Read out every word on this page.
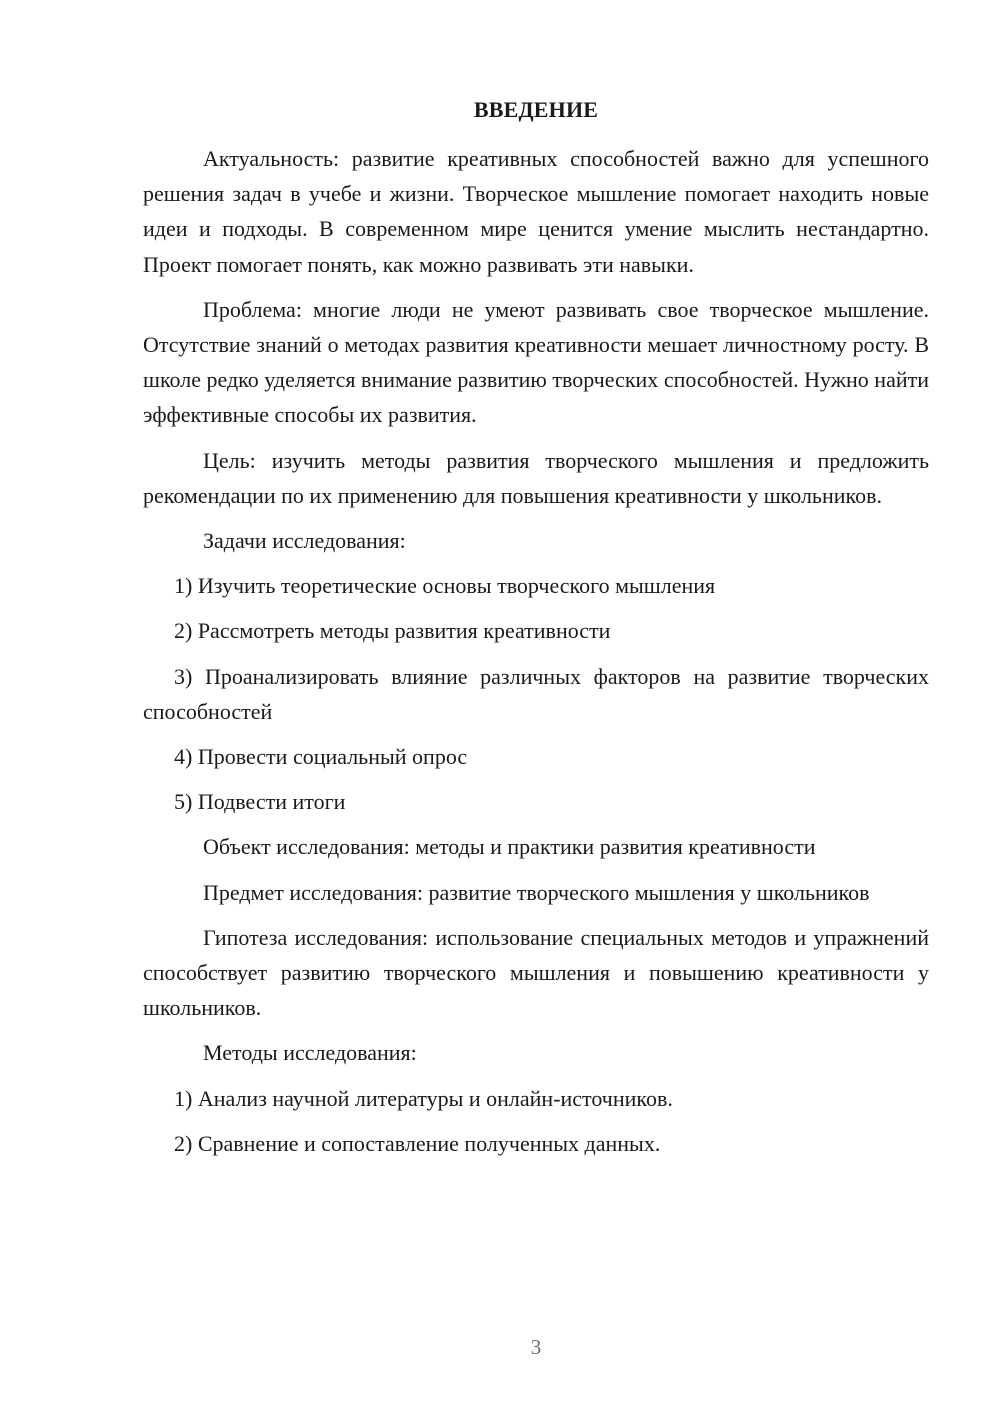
ВВЕДЕНИЕ

Актуальность: развитие креативных способностей важно для успешного решения задач в учебе и жизни. Творческое мышление помогает находить новые идеи и подходы. В современном мире ценится умение мыслить нестандартно. Проект помогает понять, как можно развивать эти навыки.

Проблема: многие люди не умеют развивать свое творческое мышление. Отсутствие знаний о методах развития креативности мешает личностному росту. В школе редко уделяется внимание развитию творческих способностей. Нужно найти эффективные способы их развития.

Цель: изучить методы развития творческого мышления и предложить рекомендации по их применению для повышения креативности у школьников.

Задачи исследования:

1) Изучить теоретические основы творческого мышления

2) Рассмотреть методы развития креативности

3) Проанализировать влияние различных факторов на развитие творческих способностей

4) Провести социальный опрос

5) Подвести итоги

Объект исследования: методы и практики развития креативности

Предмет исследования: развитие творческого мышления у школьников

Гипотеза исследования: использование специальных методов и упражнений способствует развитию творческого мышления и повышению креативности у школьников.

Методы исследования:

1) Анализ научной литературы и онлайн-источников.

2) Сравнение и сопоставление полученных данных.

3
